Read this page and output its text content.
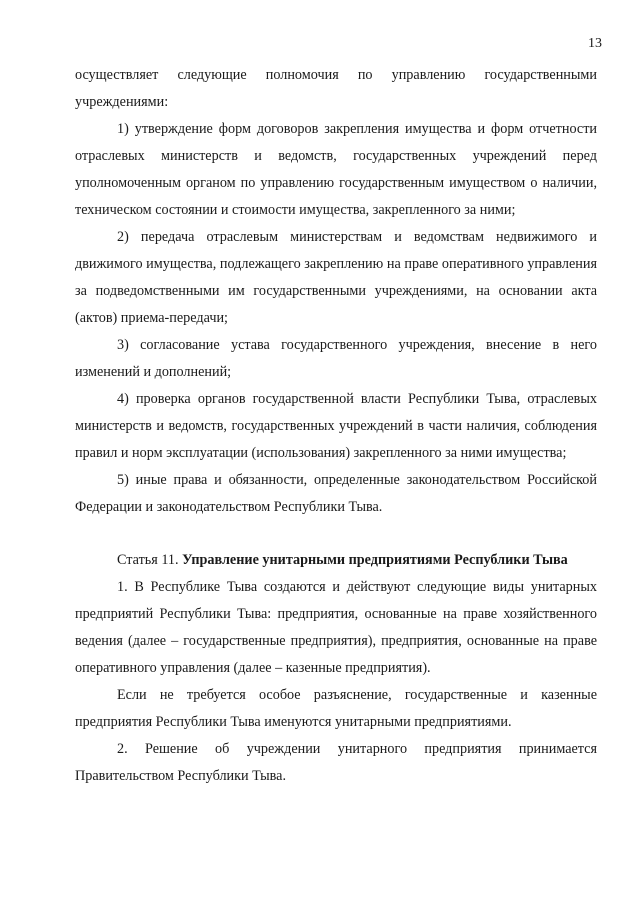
13

осуществляет следующие полномочия по управлению государственными учреждениями:

1) утверждение форм договоров закрепления имущества и форм отчетности отраслевых министерств и ведомств, государственных учреждений перед уполномоченным органом по управлению государственным имуществом о наличии, техническом состоянии и стоимости имущества, закрепленного за ними;

2) передача отраслевым министерствам и ведомствам недвижимого и движимого имущества, подлежащего закреплению на праве оперативного управления за подведомственными им государственными учреждениями, на основании акта (актов) приема-передачи;

3) согласование устава государственного учреждения, внесение в него изменений и дополнений;

4) проверка органов государственной власти Республики Тыва, отраслевых министерств и ведомств, государственных учреждений в части наличия, соблюдения правил и норм эксплуатации (использования) закрепленного за ними имущества;

5) иные права и обязанности, определенные законодательством Российской Федерации и законодательством Республики Тыва.

Статья 11. Управление унитарными предприятиями Республики Тыва

1. В Республике Тыва создаются и действуют следующие виды унитарных предприятий Республики Тыва: предприятия, основанные на праве хозяйственного ведения (далее – государственные предприятия), предприятия, основанные на праве оперативного управления (далее – казенные предприятия).

Если не требуется особое разъяснение, государственные и казенные предприятия Республики Тыва именуются унитарными предприятиями.

2. Решение об учреждении унитарного предприятия принимается Правительством Республики Тыва.
